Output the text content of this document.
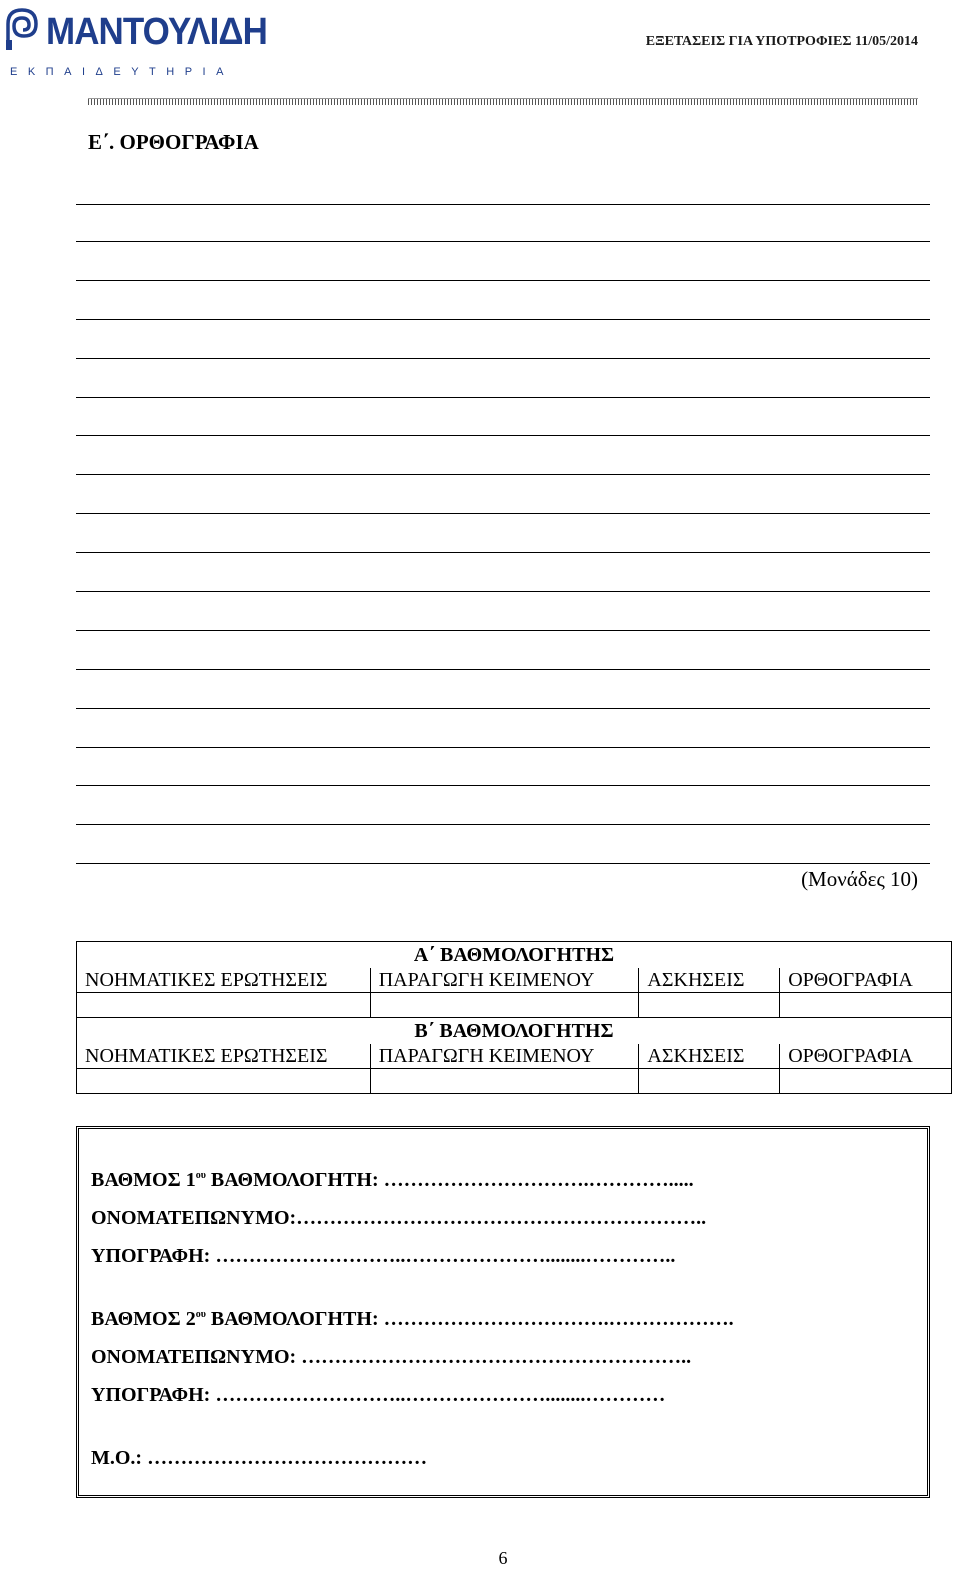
ΜΑΝΤΟΥΛΙΔΗ
ΕΚΠΑΙΔΕΥΤΗΡΙΑ
ΕΞΕΤΑΣΕΙΣ ΓΙΑ ΥΠΟΤΡΟΦΙΕΣ 11/05/2014
Ε΄. ΟΡΘΟΓΡΑΦΙΑ
(Μονάδες 10)
Α΄ ΒΑΘΜΟΛΟΓΗΤΗΣ			
ΝΟΗΜΑΤΙΚΕΣ ΕΡΩΤΗΣΕΙΣ	ΠΑΡΑΓΩΓΗ ΚΕΙΜΕΝΟΥ	ΑΣΚΗΣΕΙΣ	ΟΡΘΟΓΡΑΦΙΑ

Β΄ ΒΑΘΜΟΛΟΓΗΤΗΣ			
ΝΟΗΜΑΤΙΚΕΣ ΕΡΩΤΗΣΕΙΣ	ΠΑΡΑΓΩΓΗ ΚΕΙΜΕΝΟΥ	ΑΣΚΗΣΕΙΣ	ΟΡΘΟΓΡΑΦΙΑ

ΒΑΘΜΟΣ $1^{o\upsilon}$ ΒΑΘΜΟΛΟΓΗΤΗ: ………………………….………….....
ΟΝΟΜΑΤΕΠΩΝΥΜΟ:……………………………………………………..
ΥΠΟΓΡΑΦΗ: ………………………..…………………........…………..
ΒΑΘΜΟΣ $2^{o\upsilon}$ ΒΑΘΜΟΛΟΓΗΤΗ: …………………………….……………….
ΟΝΟΜΑΤΕΠΩΝΥΜΟ: …………………………………………………..
ΥΠΟΓΡΑΦΗ: ………………………..…………………........…………
Μ.Ο.: ……………………………………
6
